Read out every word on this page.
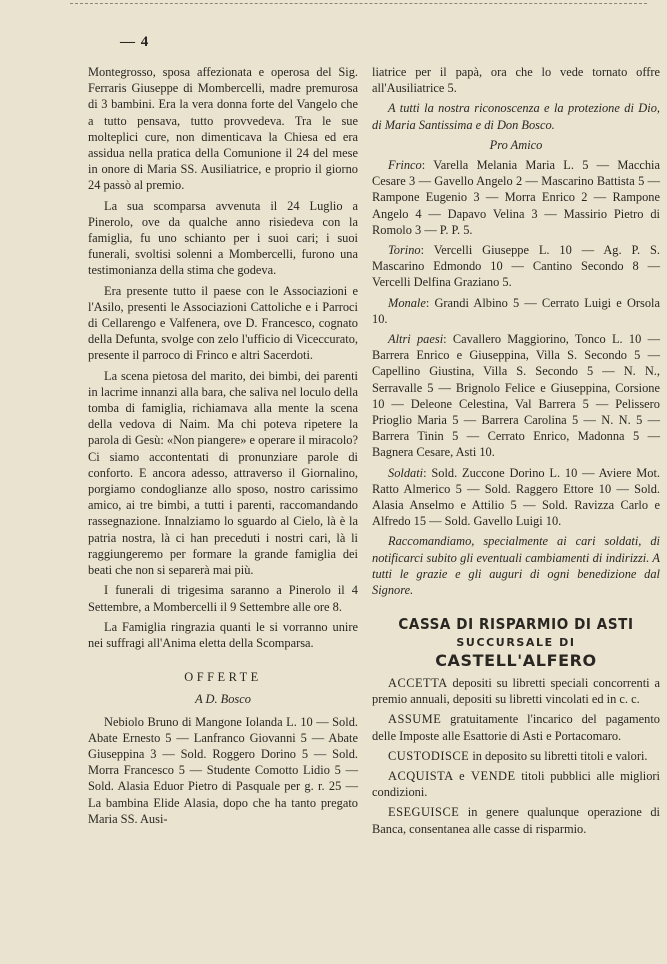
— 4

Montegrosso, sposa affezionata e operosa del Sig. Ferraris Giuseppe di Mombercelli, madre premurosa di 3 bambini. Era la vera donna forte del Vangelo che a tutto pensava, tutto provvedeva. Tra le sue molteplici cure, non dimenticava la Chiesa ed era assidua nella pratica della Comunione il 24 del mese in onore di Maria SS. Ausiliatrice, e proprio il giorno 24 passò al premio.

La sua scomparsa avvenuta il 24 Luglio a Pinerolo, ove da qualche anno risiedeva con la famiglia, fu uno schianto per i suoi cari; i suoi funerali, svoltisi solenni a Mombercelli, furono una testimonianza della stima che godeva.

Era presente tutto il paese con le Associazioni e l'Asilo, presenti le Associazioni Cattoliche e i Parroci di Cellarengo e Valfenera, ove D. Francesco, cognato della Defunta, svolge con zelo l'ufficio di Viceccurato, presente il parroco di Frinco e altri Sacerdoti.

La scena pietosa del marito, dei bimbi, dei parenti in lacrime innanzi alla bara, che saliva nel loculo della tomba di famiglia, richiamava alla mente la scena della vedova di Naim. Ma chi poteva ripetere la parola di Gesù: «Non piangere» e operare il miracolo? Ci siamo accontentati di pronunziare parole di conforto. E ancora adesso, attraverso il Giornalino, porgiamo condoglianze allo sposo, nostro carissimo amico, ai tre bimbi, a tutti i parenti, raccomandando rassegnazione. Innalziamo lo sguardo al Cielo, là è la patria nostra, là ci han preceduti i nostri cari, là li raggiungeremo per formare la grande famiglia dei beati che non si separerà mai più.

I funerali di trigesima saranno a Pinerolo il 4 Settembre, a Mombercelli il 9 Settembre alle ore 8.

La Famiglia ringrazia quanti le si vorranno unire nei suffragi all'Anima eletta della Scomparsa.

OFFERTE

A D. Bosco

Nebiolo Bruno di Mangone Iolanda L. 10 — Sold. Abate Ernesto 5 — Lanfranco Giovanni 5 — Abate Giuseppina 3 — Sold. Roggero Dorino 5 — Sold. Morra Francesco 5 — Studente Comotto Lidio 5 — Sold. Alasia Eduor Pietro di Pasquale per g. r. 25 — La bambina Elide Alasia, dopo che ha tanto pregato Maria SS. Ausi-

liatrice per il papà, ora che lo vede tornato offre all'Ausiliatrice 5.

A tutti la nostra riconoscenza e la protezione di Dio, di Maria Santissima e di Don Bosco.

Pro Amico

Frinco: Varella Melania Maria L. 5 — Macchia Cesare 3 — Gavello Angelo 2 — Mascarino Battista 5 — Rampone Eugenio 3 — Morra Enrico 2 — Rampone Angelo 4 — Dapavo Velina 3 — Massirio Pietro di Romolo 3 — P. P. 5.

Torino: Vercelli Giuseppe L. 10 — Ag. P. S. Mascarino Edmondo 10 — Cantino Secondo 8 — Vercelli Delfina Graziano 5.

Monale: Grandi Albino 5 — Cerrato Luigi e Orsola 10.

Altri paesi: Cavallero Maggiorino, Tonco L. 10 — Barrera Enrico e Giuseppina, Villa S. Secondo 5 — Capellino Giustina, Villa S. Secondo 5 — N. N., Serravalle 5 — Brignolo Felice e Giuseppina, Corsione 10 — Deleone Celestina, Val Barrera 5 — Pelissero Prioglio Maria 5 — Barrera Carolina 5 — N. N. 5 — Barrera Tinin 5 — Cerrato Enrico, Madonna 5 — Bagnera Cesare, Asti 10.

Soldati: Sold. Zuccone Dorino L. 10 — Aviere Mot. Ratto Almerico 5 — Sold. Raggero Ettore 10 — Sold. Alasia Anselmo e Attilio 5 — Sold. Ravizza Carlo e Alfredo 15 — Sold. Gavello Luigi 10.

Raccomandiamo, specialmente ai cari soldati, di notificarci subito gli eventuali cambiamenti di indirizzi. A tutti le grazie e gli auguri di ogni benedizione dal Signore.

CASSA DI RISPARMIO DI ASTI
SUCCURSALE DI
CASTELL'ALFERO

ACCETTA depositi su libretti speciali concorrenti a premio annuali, depositi su libretti vincolati ed in c. c.

ASSUME gratuitamente l'incarico del pagamento delle Imposte alle Esattorie di Asti e Portacomaro.

CUSTODISCE in deposito su libretti titoli e valori.

ACQUISTA e VENDE titoli pubblici alle migliori condizioni.

ESEGUISCE in genere qualunque operazione di Banca, consentanea alle casse di risparmio.
